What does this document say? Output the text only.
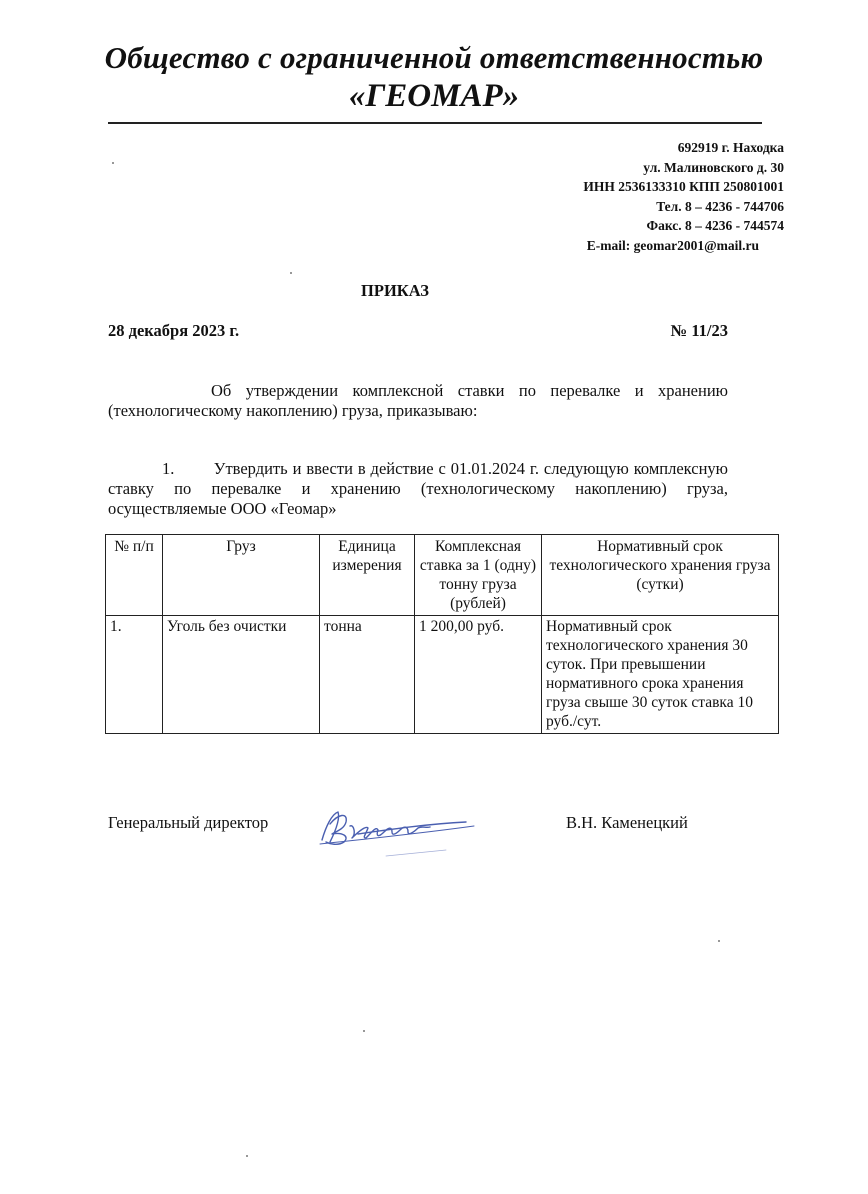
Общество с ограниченной ответственностью
«ГЕОМАР»
692919 г. Находка
ул. Малиновского д. 30
ИНН 2536133310 КПП 250801001
Тел. 8 – 4236 - 744706
Факс. 8 – 4236 - 744574
E-mail: geomar2001@mail.ru
ПРИКАЗ
28 декабря 2023 г.	№ 11/23
Об утверждении комплексной ставки по перевалке и хранению (технологическому накоплению) груза, приказываю:
1.        Утвердить и ввести в действие с 01.01.2024 г. следующую комплексную ставку по перевалке и хранению (технологическому накоплению) груза, осуществляемые ООО «Геомар»
№ п/п	Груз	Единица измерения	Комплексная ставка за 1 (одну) тонну груза (рублей)	Нормативный срок технологического хранения груза (сутки)
1.	Уголь без очистки	тонна	1 200,00 руб.	Нормативный срок технологического хранения 30 суток. При превышении нормативного срока хранения груза свыше 30 суток ставка 10 руб./сут.
Генеральный директор	В.Н. Каменецкий
